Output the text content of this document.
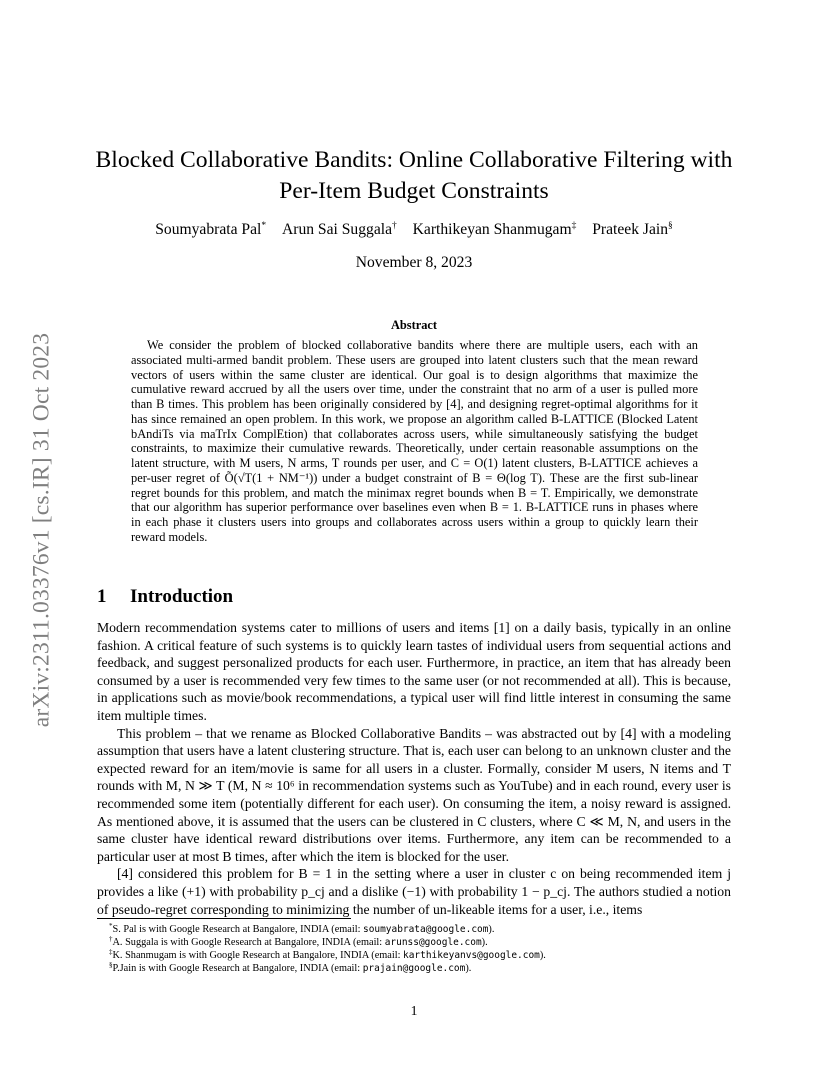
arXiv:2311.03376v1 [cs.IR] 31 Oct 2023
Blocked Collaborative Bandits: Online Collaborative Filtering with
Per-Item Budget Constraints
Soumyabrata Pal* Arun Sai Suggala† Karthikeyan Shanmugam‡ Prateek Jain§
November 8, 2023
Abstract

We consider the problem of blocked collaborative bandits where there are multiple users, each with an associated multi-armed bandit problem. These users are grouped into latent clusters such that the mean reward vectors of users within the same cluster are identical. Our goal is to design algorithms that maximize the cumulative reward accrued by all the users over time, under the constraint that no arm of a user is pulled more than B times. This problem has been originally considered by [4], and designing regret-optimal algorithms for it has since remained an open problem. In this work, we propose an algorithm called B-LATTICE (Blocked Latent bAndiTs via maTrIx ComplEtion) that collaborates across users, while simultaneously satisfying the budget constraints, to maximize their cumulative rewards. Theoretically, under certain reasonable assumptions on the latent structure, with M users, N arms, T rounds per user, and C = O(1) latent clusters, B-LATTICE achieves a per-user regret of Õ(√T(1 + NM⁻¹)) under a budget constraint of B = Θ(log T). These are the first sub-linear regret bounds for this problem, and match the minimax regret bounds when B = T. Empirically, we demonstrate that our algorithm has superior performance over baselines even when B = 1. B-LATTICE runs in phases where in each phase it clusters users into groups and collaborates across users within a group to quickly learn their reward models.

1 Introduction

Modern recommendation systems cater to millions of users and items [1] on a daily basis, typically in an online fashion. A critical feature of such systems is to quickly learn tastes of individual users from sequential actions and feedback, and suggest personalized products for each user. Furthermore, in practice, an item that has already been consumed by a user is recommended very few times to the same user (or not recommended at all). This is because, in applications such as movie/book recommendations, a typical user will find little interest in consuming the same item multiple times.

This problem – that we rename as Blocked Collaborative Bandits – was abstracted out by [4] with a modeling assumption that users have a latent clustering structure. That is, each user can belong to an unknown cluster and the expected reward for an item/movie is same for all users in a cluster. Formally, consider M users, N items and T rounds with M, N ≫ T (M, N ≈ 10⁶ in recommendation systems such as YouTube) and in each round, every user is recommended some item (potentially different for each user). On consuming the item, a noisy reward is assigned. As mentioned above, it is assumed that the users can be clustered in C clusters, where C ≪ M, N, and users in the same cluster have identical reward distributions over items. Furthermore, any item can be recommended to a particular user at most B times, after which the item is blocked for the user.

[4] considered this problem for B = 1 in the setting where a user in cluster c on being recommended item j provides a like (+1) with probability p_cj and a dislike (−1) with probability 1 − p_cj. The authors studied a notion of pseudo-regret corresponding to minimizing the number of un-likeable items for a user, i.e., items

*S. Pal is with Google Research at Bangalore, INDIA (email: soumyabrata@google.com).
†A. Suggala is with Google Research at Bangalore, INDIA (email: arunss@google.com).
‡K. Shanmugam is with Google Research at Bangalore, INDIA (email: karthikeyanvs@google.com).
§P.Jain is with Google Research at Bangalore, INDIA (email: prajain@google.com).
1
